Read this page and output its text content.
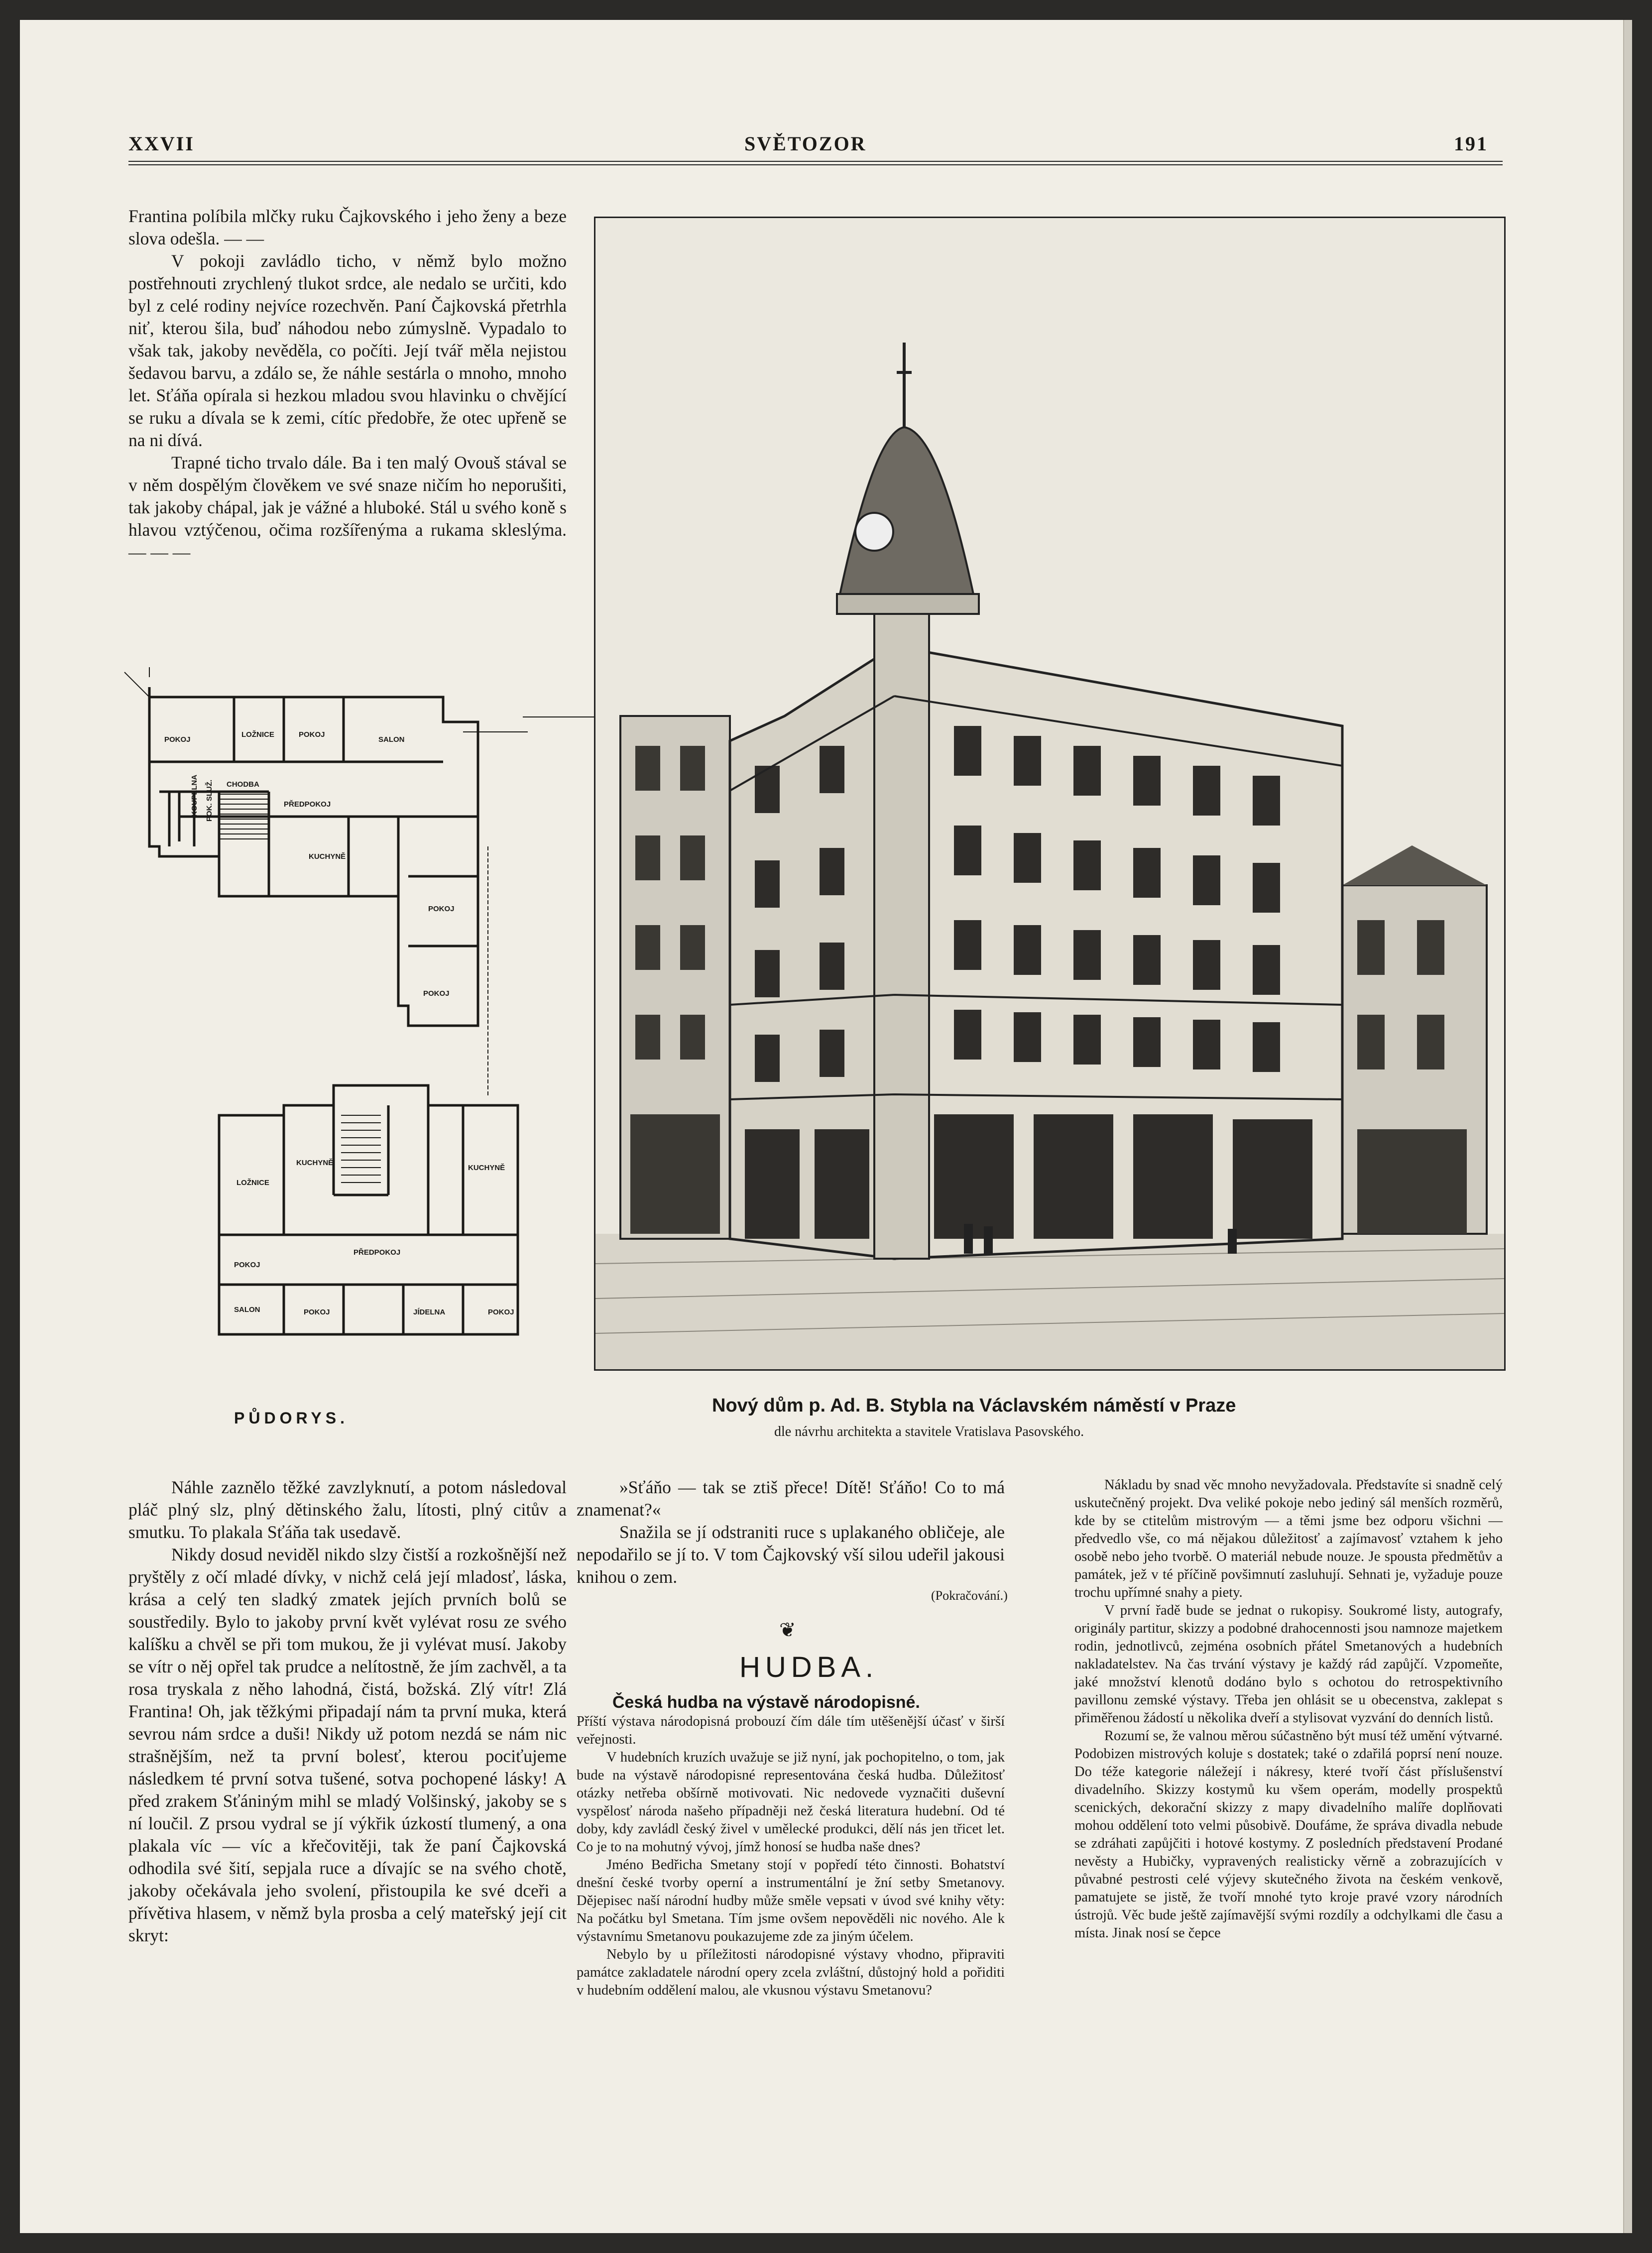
XXVII	SVĚTOZOR	191

Frantina políbila mlčky ruku Čajkovského i jeho ženy a beze slova odešla. — —

V pokoji zavládlo ticho, v němž bylo možno postřehnouti zrychlený tlukot srdce, ale nedalo se určiti, kdo byl z celé rodiny nejvíce rozechvěn. Paní Čajkovská přetrhla niť, kterou šila, buď náhodou nebo zúmyslně. Vypadalo to však tak, jakoby nevěděla, co počíti. Její tvář měla nejistou šedavou barvu, a zdálo se, že náhle sestárla o mnoho, mnoho let. Sťáňa opírala si hezkou mladou svou hlavinku o chvějící se ruku a dívala se k zemi, cítíc předobře, že otec upřeně se na ni dívá.

Trapné ticho trvalo dále. Ba i ten malý Ovouš stával se v něm dospělým člověkem ve své snaze ničím ho neporušiti, tak jakoby chápal, jak je vážné a hluboké. Stál u svého koně s hlavou vztýčenou, očima rozšířenýma a rukama skleslýma. — — —

POKOJ
LOŽNICE	POKOJ
SALON
CHODBA
PŘEDPOKOJ
KUCHYNĚ
POKOJ
POKOJ
KOUPELNA POK. SLUŽ.
LOŽNICE
KUCHYNĚ
KUCHYNĚ
POKOJ
PŘEDPOKOJ
SALON	POKOJ	JÍDELNA	POKOJ
PŮDORYS.
Nový dům p. Ad. B. Stybla na Václavském náměstí v Praze
dle návrhu architekta a stavitele Vratislava Pasovského.

Náhle zaznělo těžké zavzlyknutí, a potom následoval pláč plný slz, plný dětinského žalu, lítosti, plný citův a smutku. To plakala Sťáňa tak usedavě.

Nikdy dosud neviděl nikdo slzy čistší a rozkošnější než pryštěly z očí mladé dívky, v nichž celá její mladosť, láska, krása a celý ten sladký zmatek jejích prvních bolů se soustředily. Bylo to jakoby první květ vylévat rosu ze svého kalíšku a chvěl se při tom mukou, že ji vylévat musí. Jakoby se vítr o něj opřel tak prudce a nelítostně, že jím zachvěl, a ta rosa tryskala z něho lahodná, čistá, božská. Zlý vítr! Zlá Frantina! Oh, jak těžkými připadají nám ta první muka, která sevrou nám srdce a duši! Nikdy už potom nezdá se nám nic strašnějším, než ta první bolesť, kterou pociťujeme následkem té první sotva tušené, sotva pochopené lásky! A před zrakem Sťániným mihl se mladý Volšinský, jakoby se s ní loučil. Z prsou vydral se jí výkřik úzkostí tlumený, a ona plakala víc — víc a křečovitěji, tak že paní Čajkovská odhodila své šití, sepjala ruce a dívajíc se na svého chotě, jakoby očekávala jeho svolení, přistoupila ke své dceři a přívětiva hlasem, v němž byla prosba a celý mateřský její cit skryt:

»Sťáňo — tak se ztiš přece! Dítě! Sťáňo! Co to má znamenat?«

Snažila se jí odstraniti ruce s uplakaného obličeje, ale nepodařilo se jí to. V tom Čajkovský vší silou udeřil jakousi knihou o zem.

(Pokračování.)
❦
HUDBA.
Česká hudba na výstavě národopisné.

Příští výstava národopisná probouzí čím dále tím utěšenější účasť v širší veřejnosti.

V hudebních kruzích uvažuje se již nyní, jak pochopitelno, o tom, jak bude na výstavě národopisné representována česká hudba. Důležitosť otázky netřeba obšírně motivovati. Nic nedovede vyznačiti duševní vyspělosť národa našeho případněji než česká literatura hudební. Od té doby, kdy zavládl český živel v umělecké produkci, dělí nás jen třicet let. Co je to na mohutný vývoj, jímž honosí se hudba naše dnes?

Jméno Bedřicha Smetany stojí v popředí této činnosti. Bohatství dnešní české tvorby operní a instrumentální je žní setby Smetanovy. Dějepisec naší národní hudby může směle vepsati v úvod své knihy věty: Na počátku byl Smetana. Tím jsme ovšem nepověděli nic nového. Ale k výstavnímu Smetanovu poukazujeme zde za jiným účelem.

Nebylo by u příležitosti národopisné výstavy vhodno, připraviti památce zakladatele národní opery zcela zvláštní, důstojný hold a pořiditi v hudebním oddělení malou, ale vkusnou výstavu Smetanovu?

Nákladu by snad věc mnoho nevyžadovala. Představíte si snadně celý uskutečněný projekt. Dva veliké pokoje nebo jediný sál menších rozměrů, kde by se ctitelům mistrovým — a těmi jsme bez odporu všichni — předvedlo vše, co má nějakou důležitosť a zajímavosť vztahem k jeho osobě nebo jeho tvorbě. O materiál nebude nouze. Je spousta předmětův a památek, jež v té příčině povšimnutí zasluhují. Sehnati je, vyžaduje pouze trochu upřímné snahy a piety.

V první řadě bude se jednat o rukopisy. Soukromé listy, autografy, originály partitur, skizzy a podobné drahocennosti jsou namnoze majetkem rodin, jednotlivců, zejména osobních přátel Smetanových a hudebních nakladatelstev. Na čas trvání výstavy je každý rád zapůjčí. Vzpomeňte, jaké množství klenotů dodáno bylo s ochotou do retrospektivního pavillonu zemské výstavy. Třeba jen ohlásit se u obecenstva, zaklepat s přiměřenou žádostí u několika dveří a stylisovat vyzvání do denních listů.

Rozumí se, že valnou měrou súčastněno být musí též umění výtvarné. Podobizen mistrových koluje s dostatek; také o zdařilá poprsí není nouze. Do téže kategorie náležejí i nákresy, které tvoří část příslušenství divadelního. Skizzy kostymů ku všem operám, modelly prospektů scenických, dekorační skizzy z mapy divadelního malíře doplňovati mohou oddělení toto velmi působivě. Doufáme, že správa divadla nebude se zdráhati zapůjčiti i hotové kostymy. Z posledních představení Prodané nevěsty a Hubičky, vypravených realisticky věrně a zobrazujících v půvabné pestrosti celé výjevy skutečného života na českém venkově, pamatujete se jistě, že tvoří mnohé tyto kroje pravé vzory národních ústrojů. Věc bude ještě zajímavější svými rozdíly a odchylkami dle času a místa. Jinak nosí se čepce
